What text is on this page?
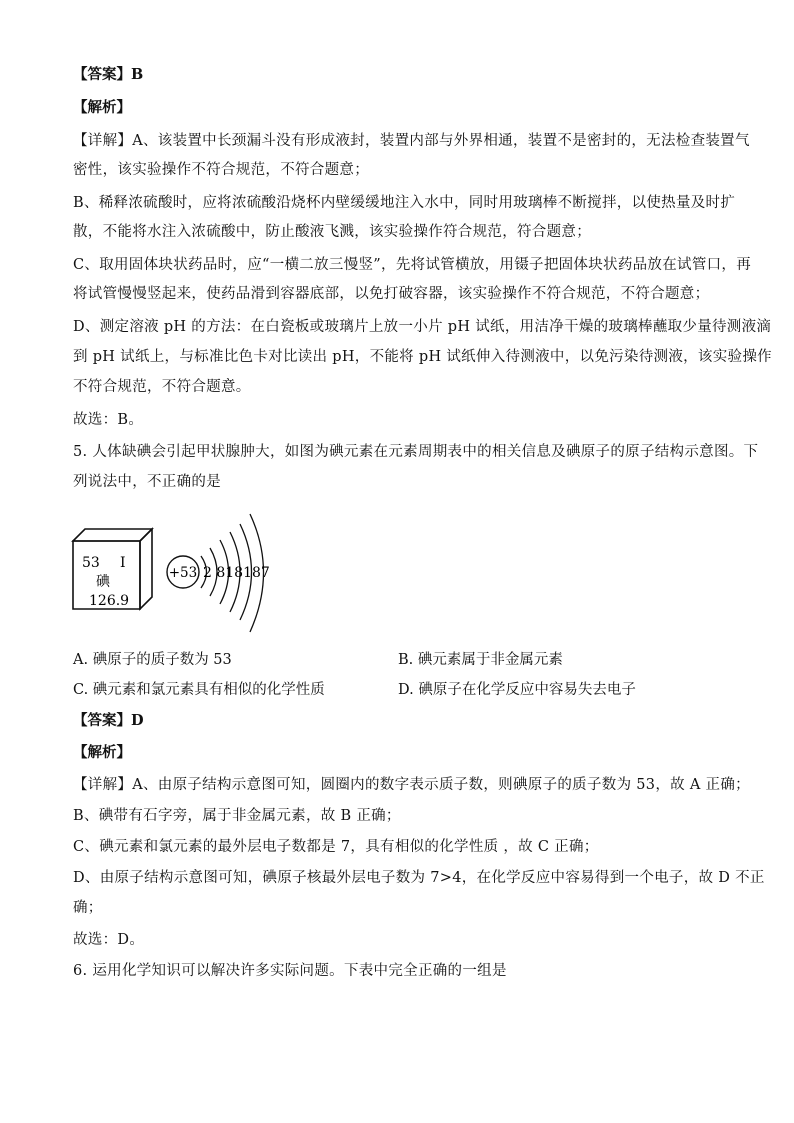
【答案】B
【解析】
【详解】A、该装置中长颈漏斗没有形成液封，装置内部与外界相通，装置不是密封的，无法检查装置气
密性，该实验操作不符合规范，不符合题意；
B、稀释浓硫酸时，应将浓硫酸沿烧杯内壁缓缓地注入水中，同时用玻璃棒不断搅拌，以使热量及时扩
散，不能将水注入浓硫酸中，防止酸液飞溅，该实验操作符合规范，符合题意；
C、取用固体块状药品时，应“一横二放三慢竖”，先将试管横放，用镊子把固体块状药品放在试管口，再
将试管慢慢竖起来，使药品滑到容器底部，以免打破容器，该实验操作不符合规范，不符合题意；
D、测定溶液 pH 的方法：在白瓷板或玻璃片上放一小片 pH 试纸，用洁净干燥的玻璃棒蘸取少量待测液滴
到 pH 试纸上，与标准比色卡对比读出 pH，不能将 pH 试纸伸入待测液中，以免污染待测液，该实验操作
不符合规范，不符合题意。
故选：B。
5. 人体缺碘会引起甲状腺肿大，如图为碘元素在元素周期表中的相关信息及碘原子的原子结构示意图。下
列说法中，不正确的是
53 I
碘
126.9
+53 2 818187
A. 碘原子的质子数为 53	B. 碘元素属于非金属元素
C. 碘元素和氯元素具有相似的化学性质	D. 碘原子在化学反应中容易失去电子
【答案】D
【解析】
【详解】A、由原子结构示意图可知，圆圈内的数字表示质子数，则碘原子的质子数为 53，故 A 正确；
B、碘带有石字旁，属于非金属元素，故 B 正确；
C、碘元素和氯元素的最外层电子数都是 7，具有相似的化学性质 ，故 C 正确；
D、由原子结构示意图可知，碘原子核最外层电子数为 7>4，在化学反应中容易得到一个电子，故 D 不正
确；
故选：D。
6. 运用化学知识可以解决许多实际问题。下表中完全正确的一组是
